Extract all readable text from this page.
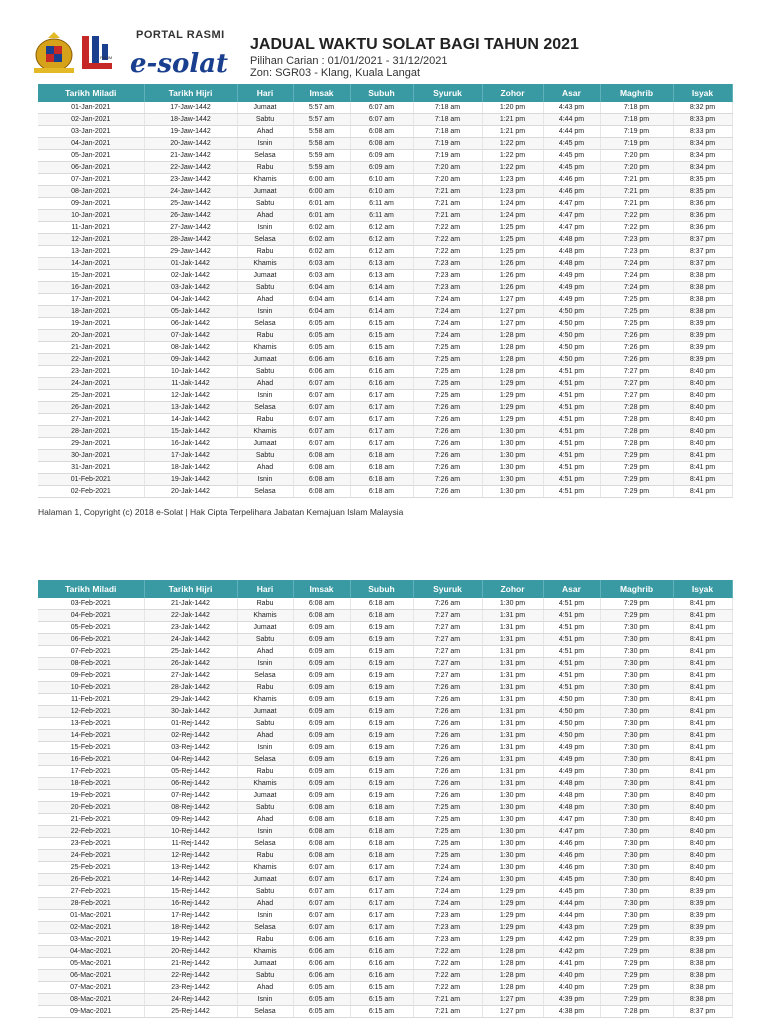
PAKIM e-solat
PORTAL RASMI
JADUAL WAKTU SOLAT BAGI TAHUN 2021
Pilihan Carian : 01/01/2021 - 31/12/2021
Zon: SGR03 - Klang, Kuala Langat
Tarikh Miladi	Tarikh Hijri	Hari	Imsak	Subuh	Syuruk	Zohor	Asar	Maghrib	Isyak
01-Jan-2021	17-Jaw-1442	Jumaat	5:57 am	6:07 am	7:18 am	1:20 pm	4:43 pm	7:18 pm	8:32 pm
02-Jan-2021	18-Jaw-1442	Sabtu	5:57 am	6:07 am	7:18 am	1:21 pm	4:44 pm	7:18 pm	8:33 pm
03-Jan-2021	19-Jaw-1442	Ahad	5:58 am	6:08 am	7:18 am	1:21 pm	4:44 pm	7:19 pm	8:33 pm
04-Jan-2021	20-Jaw-1442	Isnin	5:58 am	6:08 am	7:19 am	1:22 pm	4:45 pm	7:19 pm	8:34 pm
05-Jan-2021	21-Jaw-1442	Selasa	5:59 am	6:09 am	7:19 am	1:22 pm	4:45 pm	7:20 pm	8:34 pm
06-Jan-2021	22-Jaw-1442	Rabu	5:59 am	6:09 am	7:20 am	1:22 pm	4:45 pm	7:20 pm	8:34 pm
07-Jan-2021	23-Jaw-1442	Khamis	6:00 am	6:10 am	7:20 am	1:23 pm	4:46 pm	7:21 pm	8:35 pm
08-Jan-2021	24-Jaw-1442	Jumaat	6:00 am	6:10 am	7:21 am	1:23 pm	4:46 pm	7:21 pm	8:35 pm
09-Jan-2021	25-Jaw-1442	Sabtu	6:01 am	6:11 am	7:21 am	1:24 pm	4:47 pm	7:21 pm	8:36 pm
10-Jan-2021	26-Jaw-1442	Ahad	6:01 am	6:11 am	7:21 am	1:24 pm	4:47 pm	7:22 pm	8:36 pm
11-Jan-2021	27-Jaw-1442	Isnin	6:02 am	6:12 am	7:22 am	1:25 pm	4:47 pm	7:22 pm	8:36 pm
12-Jan-2021	28-Jaw-1442	Selasa	6:02 am	6:12 am	7:22 am	1:25 pm	4:48 pm	7:23 pm	8:37 pm
13-Jan-2021	29-Jaw-1442	Rabu	6:02 am	6:12 am	7:22 am	1:25 pm	4:48 pm	7:23 pm	8:37 pm
14-Jan-2021	01-Jak-1442	Khamis	6:03 am	6:13 am	7:23 am	1:26 pm	4:48 pm	7:24 pm	8:37 pm
15-Jan-2021	02-Jak-1442	Jumaat	6:03 am	6:13 am	7:23 am	1:26 pm	4:49 pm	7:24 pm	8:38 pm
16-Jan-2021	03-Jak-1442	Sabtu	6:04 am	6:14 am	7:23 am	1:26 pm	4:49 pm	7:24 pm	8:38 pm
17-Jan-2021	04-Jak-1442	Ahad	6:04 am	6:14 am	7:24 am	1:27 pm	4:49 pm	7:25 pm	8:38 pm
18-Jan-2021	05-Jak-1442	Isnin	6:04 am	6:14 am	7:24 am	1:27 pm	4:50 pm	7:25 pm	8:38 pm
19-Jan-2021	06-Jak-1442	Selasa	6:05 am	6:15 am	7:24 am	1:27 pm	4:50 pm	7:25 pm	8:39 pm
20-Jan-2021	07-Jak-1442	Rabu	6:05 am	6:15 am	7:24 am	1:28 pm	4:50 pm	7:26 pm	8:39 pm
21-Jan-2021	08-Jak-1442	Khamis	6:05 am	6:15 am	7:25 am	1:28 pm	4:50 pm	7:26 pm	8:39 pm
22-Jan-2021	09-Jak-1442	Jumaat	6:06 am	6:16 am	7:25 am	1:28 pm	4:50 pm	7:26 pm	8:39 pm
23-Jan-2021	10-Jak-1442	Sabtu	6:06 am	6:16 am	7:25 am	1:28 pm	4:51 pm	7:27 pm	8:40 pm
24-Jan-2021	11-Jak-1442	Ahad	6:07 am	6:16 am	7:25 am	1:29 pm	4:51 pm	7:27 pm	8:40 pm
25-Jan-2021	12-Jak-1442	Isnin	6:07 am	6:17 am	7:25 am	1:29 pm	4:51 pm	7:27 pm	8:40 pm
26-Jan-2021	13-Jak-1442	Selasa	6:07 am	6:17 am	7:26 am	1:29 pm	4:51 pm	7:28 pm	8:40 pm
27-Jan-2021	14-Jak-1442	Rabu	6:07 am	6:17 am	7:26 am	1:29 pm	4:51 pm	7:28 pm	8:40 pm
28-Jan-2021	15-Jak-1442	Khamis	6:07 am	6:17 am	7:26 am	1:30 pm	4:51 pm	7:28 pm	8:40 pm
29-Jan-2021	16-Jak-1442	Jumaat	6:07 am	6:17 am	7:26 am	1:30 pm	4:51 pm	7:28 pm	8:40 pm
30-Jan-2021	17-Jak-1442	Sabtu	6:08 am	6:18 am	7:26 am	1:30 pm	4:51 pm	7:29 pm	8:41 pm
31-Jan-2021	18-Jak-1442	Ahad	6:08 am	6:18 am	7:26 am	1:30 pm	4:51 pm	7:29 pm	8:41 pm
01-Feb-2021	19-Jak-1442	Isnin	6:08 am	6:18 am	7:26 am	1:30 pm	4:51 pm	7:29 pm	8:41 pm
02-Feb-2021	20-Jak-1442	Selasa	6:08 am	6:18 am	7:26 am	1:30 pm	4:51 pm	7:29 pm	8:41 pm
Halaman 1, Copyright (c) 2018 e-Solat | Hak Cipta Terpelihara Jabatan Kemajuan Islam Malaysia
Tarikh Miladi	Tarikh Hijri	Hari	Imsak	Subuh	Syuruk	Zohor	Asar	Maghrib	Isyak
03-Feb-2021	21-Jak-1442	Rabu	6:08 am	6:18 am	7:26 am	1:30 pm	4:51 pm	7:29 pm	8:41 pm
04-Feb-2021	22-Jak-1442	Khamis	6:08 am	6:18 am	7:27 am	1:31 pm	4:51 pm	7:29 pm	8:41 pm
05-Feb-2021	23-Jak-1442	Jumaat	6:09 am	6:19 am	7:27 am	1:31 pm	4:51 pm	7:30 pm	8:41 pm
06-Feb-2021	24-Jak-1442	Sabtu	6:09 am	6:19 am	7:27 am	1:31 pm	4:51 pm	7:30 pm	8:41 pm
07-Feb-2021	25-Jak-1442	Ahad	6:09 am	6:19 am	7:27 am	1:31 pm	4:51 pm	7:30 pm	8:41 pm
08-Feb-2021	26-Jak-1442	Isnin	6:09 am	6:19 am	7:27 am	1:31 pm	4:51 pm	7:30 pm	8:41 pm
09-Feb-2021	27-Jak-1442	Selasa	6:09 am	6:19 am	7:27 am	1:31 pm	4:51 pm	7:30 pm	8:41 pm
10-Feb-2021	28-Jak-1442	Rabu	6:09 am	6:19 am	7:26 am	1:31 pm	4:51 pm	7:30 pm	8:41 pm
11-Feb-2021	29-Jak-1442	Khamis	6:09 am	6:19 am	7:26 am	1:31 pm	4:50 pm	7:30 pm	8:41 pm
12-Feb-2021	30-Jak-1442	Jumaat	6:09 am	6:19 am	7:26 am	1:31 pm	4:50 pm	7:30 pm	8:41 pm
13-Feb-2021	01-Rej-1442	Sabtu	6:09 am	6:19 am	7:26 am	1:31 pm	4:50 pm	7:30 pm	8:41 pm
14-Feb-2021	02-Rej-1442	Ahad	6:09 am	6:19 am	7:26 am	1:31 pm	4:50 pm	7:30 pm	8:41 pm
15-Feb-2021	03-Rej-1442	Isnin	6:09 am	6:19 am	7:26 am	1:31 pm	4:49 pm	7:30 pm	8:41 pm
16-Feb-2021	04-Rej-1442	Selasa	6:09 am	6:19 am	7:26 am	1:31 pm	4:49 pm	7:30 pm	8:41 pm
17-Feb-2021	05-Rej-1442	Rabu	6:09 am	6:19 am	7:26 am	1:31 pm	4:49 pm	7:30 pm	8:41 pm
18-Feb-2021	06-Rej-1442	Khamis	6:09 am	6:19 am	7:26 am	1:31 pm	4:48 pm	7:30 pm	8:41 pm
19-Feb-2021	07-Rej-1442	Jumaat	6:09 am	6:19 am	7:26 am	1:30 pm	4:48 pm	7:30 pm	8:40 pm
20-Feb-2021	08-Rej-1442	Sabtu	6:08 am	6:18 am	7:25 am	1:30 pm	4:48 pm	7:30 pm	8:40 pm
21-Feb-2021	09-Rej-1442	Ahad	6:08 am	6:18 am	7:25 am	1:30 pm	4:47 pm	7:30 pm	8:40 pm
22-Feb-2021	10-Rej-1442	Isnin	6:08 am	6:18 am	7:25 am	1:30 pm	4:47 pm	7:30 pm	8:40 pm
23-Feb-2021	11-Rej-1442	Selasa	6:08 am	6:18 am	7:25 am	1:30 pm	4:46 pm	7:30 pm	8:40 pm
24-Feb-2021	12-Rej-1442	Rabu	6:08 am	6:18 am	7:25 am	1:30 pm	4:46 pm	7:30 pm	8:40 pm
25-Feb-2021	13-Rej-1442	Khamis	6:07 am	6:17 am	7:24 am	1:30 pm	4:46 pm	7:30 pm	8:40 pm
26-Feb-2021	14-Rej-1442	Jumaat	6:07 am	6:17 am	7:24 am	1:30 pm	4:45 pm	7:30 pm	8:40 pm
27-Feb-2021	15-Rej-1442	Sabtu	6:07 am	6:17 am	7:24 am	1:29 pm	4:45 pm	7:30 pm	8:39 pm
28-Feb-2021	16-Rej-1442	Ahad	6:07 am	6:17 am	7:24 am	1:29 pm	4:44 pm	7:30 pm	8:39 pm
01-Mac-2021	17-Rej-1442	Isnin	6:07 am	6:17 am	7:23 am	1:29 pm	4:44 pm	7:30 pm	8:39 pm
02-Mac-2021	18-Rej-1442	Selasa	6:07 am	6:17 am	7:23 am	1:29 pm	4:43 pm	7:29 pm	8:39 pm
03-Mac-2021	19-Rej-1442	Rabu	6:06 am	6:16 am	7:23 am	1:29 pm	4:42 pm	7:29 pm	8:39 pm
04-Mac-2021	20-Rej-1442	Khamis	6:06 am	6:16 am	7:22 am	1:28 pm	4:42 pm	7:29 pm	8:38 pm
05-Mac-2021	21-Rej-1442	Jumaat	6:06 am	6:16 am	7:22 am	1:28 pm	4:41 pm	7:29 pm	8:38 pm
06-Mac-2021	22-Rej-1442	Sabtu	6:06 am	6:16 am	7:22 am	1:28 pm	4:40 pm	7:29 pm	8:38 pm
07-Mac-2021	23-Rej-1442	Ahad	6:05 am	6:15 am	7:22 am	1:28 pm	4:40 pm	7:29 pm	8:38 pm
08-Mac-2021	24-Rej-1442	Isnin	6:05 am	6:15 am	7:21 am	1:27 pm	4:39 pm	7:29 pm	8:38 pm
09-Mac-2021	25-Rej-1442	Selasa	6:05 am	6:15 am	7:21 am	1:27 pm	4:38 pm	7:28 pm	8:37 pm
